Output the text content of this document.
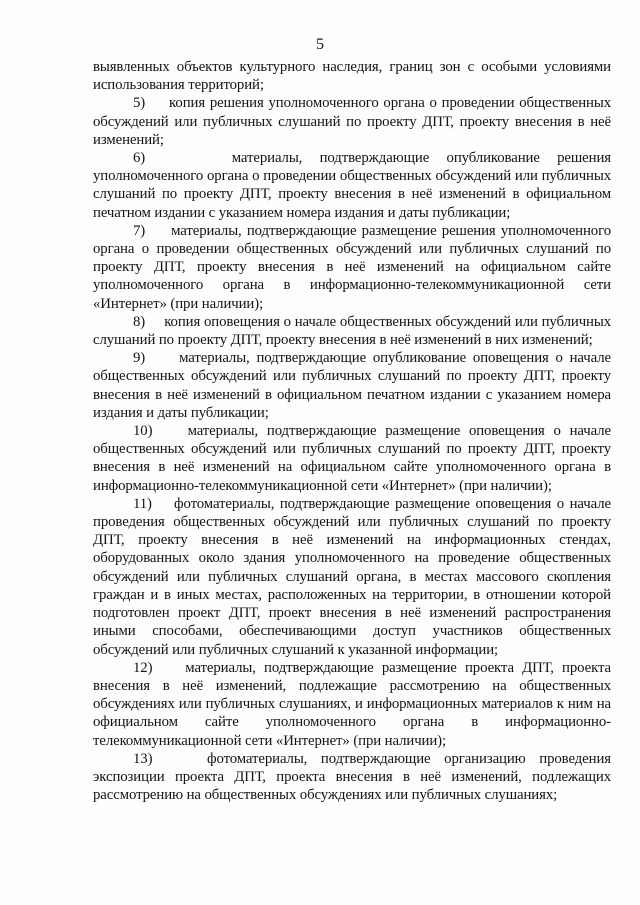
5

выявленных объектов культурного наследия, границ зон с особыми условиями использования территорий;

5)     копия решения уполномоченного органа о проведении общественных обсуждений или публичных слушаний по проекту ДПТ, проекту внесения в неё изменений;

6)     материалы, подтверждающие опубликование решения уполномоченного органа о проведении общественных обсуждений или публичных слушаний по проекту ДПТ, проекту внесения в неё изменений в официальном печатном издании с указанием номера издания и даты публикации;

7)     материалы, подтверждающие размещение решения уполномоченного органа о проведении общественных обсуждений или публичных слушаний по проекту ДПТ, проекту внесения в неё изменений на официальном сайте уполномоченного органа в информационно-телекоммуникационной сети «Интернет» (при наличии);

8)     копия оповещения о начале общественных обсуждений или публичных слушаний по проекту ДПТ, проекту внесения в неё изменений в них изменений;

9)     материалы, подтверждающие опубликование оповещения о начале общественных обсуждений или публичных слушаний по проекту ДПТ, проекту внесения в неё изменений в официальном печатном издании с указанием номера издания и даты публикации;

10)    материалы, подтверждающие размещение оповещения о начале общественных обсуждений или публичных слушаний по проекту ДПТ, проекту внесения в неё изменений на официальном сайте уполномоченного органа в информационно-телекоммуникационной сети «Интернет» (при наличии);

11)    фотоматериалы, подтверждающие размещение оповещения о начале проведения общественных обсуждений или публичных слушаний по проекту ДПТ, проекту внесения в неё изменений на информационных стендах, оборудованных около здания уполномоченного на проведение общественных обсуждений или публичных слушаний органа, в местах массового скопления граждан и в иных местах, расположенных на территории, в отношении которой подготовлен проект ДПТ, проект внесения в неё изменений распространения иными способами, обеспечивающими доступ участников общественных обсуждений или публичных слушаний к указанной информации;

12)    материалы, подтверждающие размещение проекта ДПТ, проекта внесения в неё изменений, подлежащие рассмотрению на общественных обсуждениях или публичных слушаниях, и информационных материалов к ним на официальном сайте уполномоченного органа в информационно-телекоммуникационной сети «Интернет» (при наличии);

13)    фотоматериалы, подтверждающие организацию проведения экспозиции проекта ДПТ, проекта внесения в неё изменений, подлежащих рассмотрению на общественных обсуждениях или публичных слушаниях;
